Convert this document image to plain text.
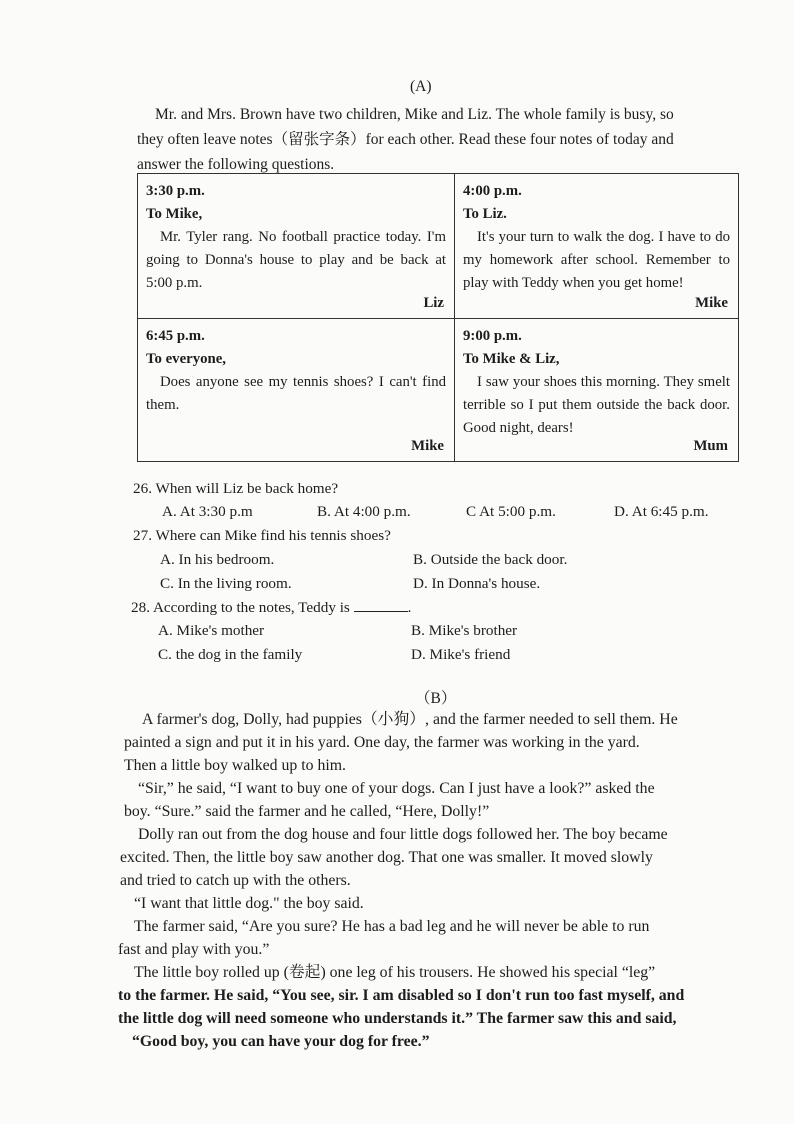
(A)
Mr. and Mrs. Brown have two children, Mike and Liz. The whole family is busy, so
they often leave notes（留张字条）for each other. Read these four notes of today and
answer the following questions.
3:30 p.m.
To Mike,
Mr. Tyler rang. No football practice today. I'm going to Donna's house to play and be back at 5:00 p.m.
Liz	4:00 p.m.
To Liz.
It's your turn to walk the dog. I have to do my homework after school. Remember to play with Teddy when you get home!
Mike

6:45 p.m.
To everyone,
Does anyone see my tennis shoes? I can't find them.
Mike	9:00 p.m.
To Mike & Liz,
I saw your shoes this morning. They smelt terrible so I put them outside the back door. Good night, dears!
Mum
26. When will Liz be back home?
A. At 3:30 p.m	B. At 4:00 p.m.	C At 5:00 p.m.	D. At 6:45 p.m.
27. Where can Mike find his tennis shoes?
A. In his bedroom.	B. Outside the back door.
C. In the living room.	D. In Donna's house.
28. According to the notes, Teddy is	.
A. Mike's mother	B. Mike's brother
C. the dog in the family	D. Mike's friend
（B）
A farmer's dog, Dolly, had puppies（小狗）, and the farmer needed to sell them. He
painted a sign and put it in his yard. One day, the farmer was working in the yard.
Then a little boy walked up to him.
“Sir,” he said, “I want to buy one of your dogs. Can I just have a look?” asked the
boy. “Sure.” said the farmer and he called, “Here, Dolly!”
Dolly ran out from the dog house and four little dogs followed her. The boy became
excited. Then, the little boy saw another dog. That one was smaller. It moved slowly
and tried to catch up with the others.
“I want that little dog." the boy said.
The farmer said, “Are you sure? He has a bad leg and he will never be able to run
fast and play with you.”
The little boy rolled up (卷起) one leg of his trousers. He showed his special “leg”
to the farmer. He said, “You see, sir. I am disabled so I don't run too fast myself, and
the little dog will need someone who understands it.” The farmer saw this and said,
“Good boy, you can have your dog for free.”
